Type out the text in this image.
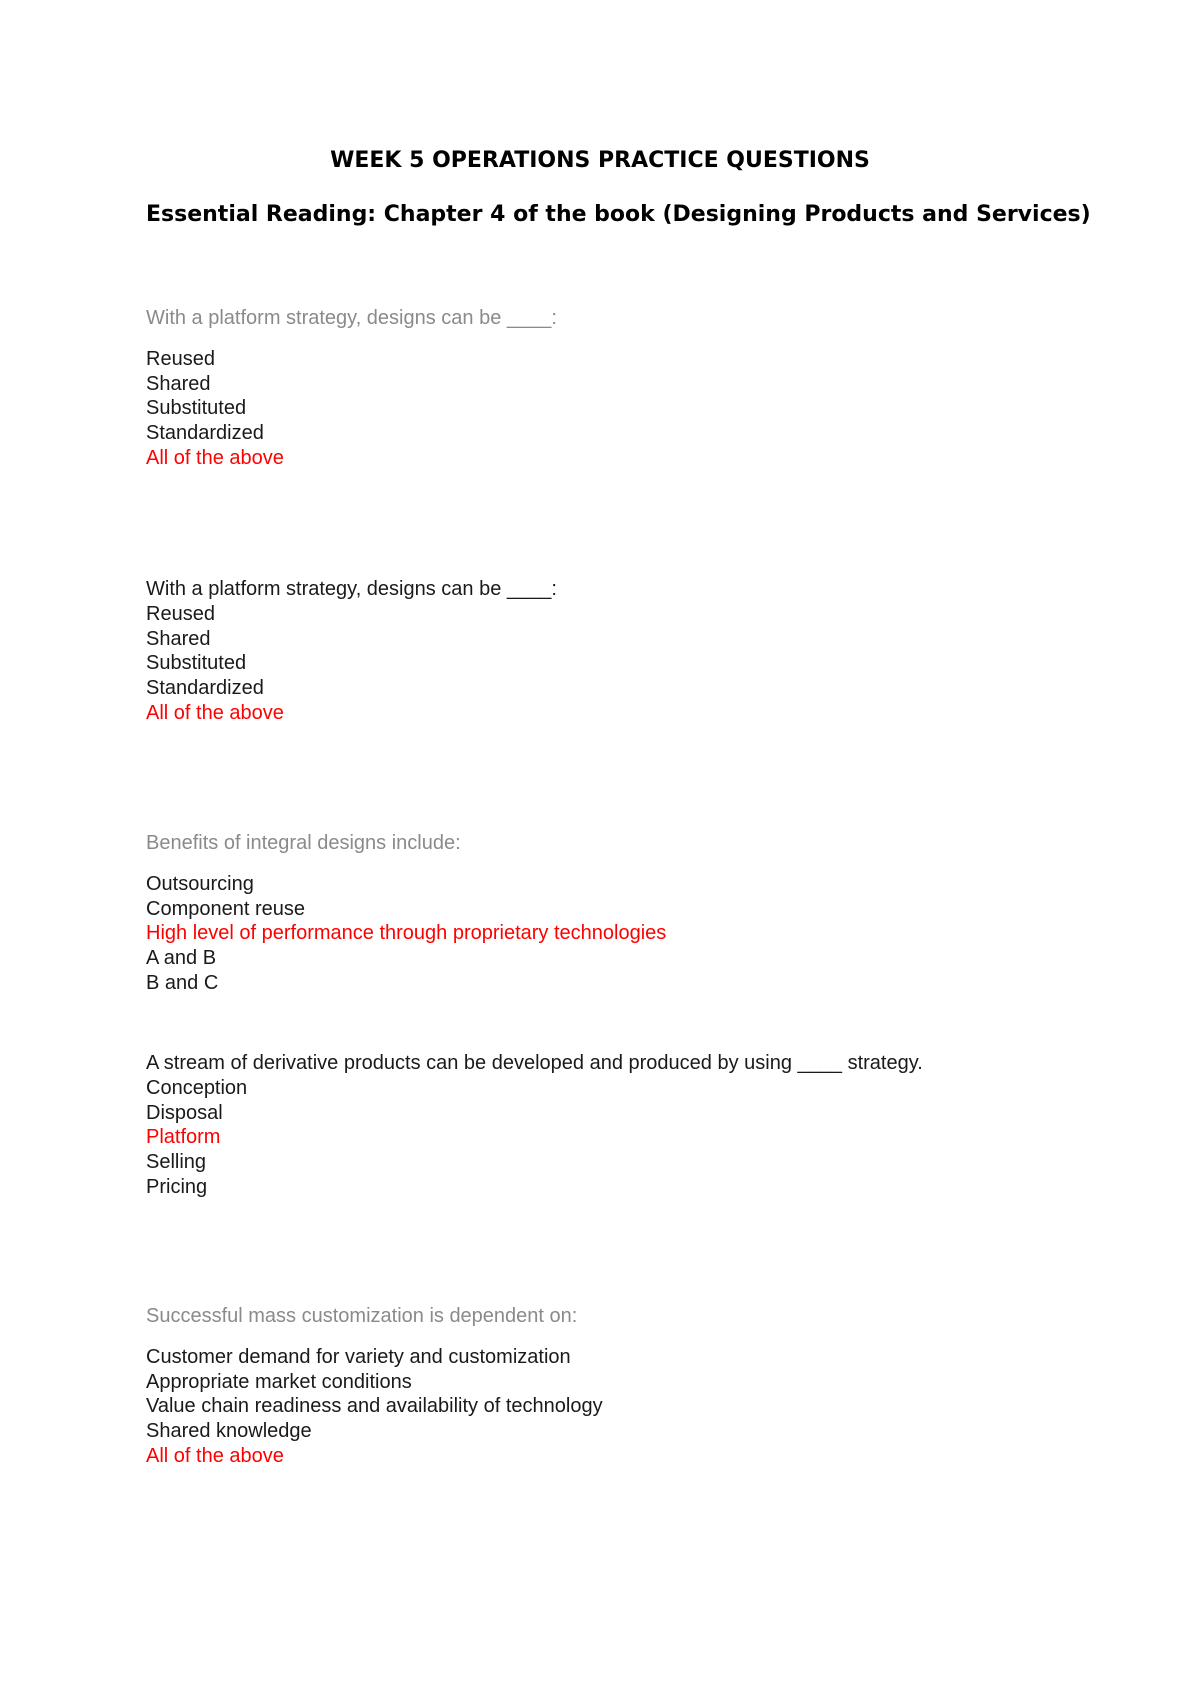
WEEK 5 OPERATIONS PRACTICE QUESTIONS
Essential Reading: Chapter 4 of the book (Designing Products and Services)
With a platform strategy, designs can be ____:
Reused
Shared
Substituted
Standardized
All of the above
With a platform strategy, designs can be ____:
Reused
Shared
Substituted
Standardized
All of the above
Benefits of integral designs include:
Outsourcing
Component reuse
High level of performance through proprietary technologies
A and B
B and C
A stream of derivative products can be developed and produced by using ____ strategy.
Conception
Disposal
Platform
Selling
Pricing
Successful mass customization is dependent on:
Customer demand for variety and customization
Appropriate market conditions
Value chain readiness and availability of technology
Shared knowledge
All of the above
